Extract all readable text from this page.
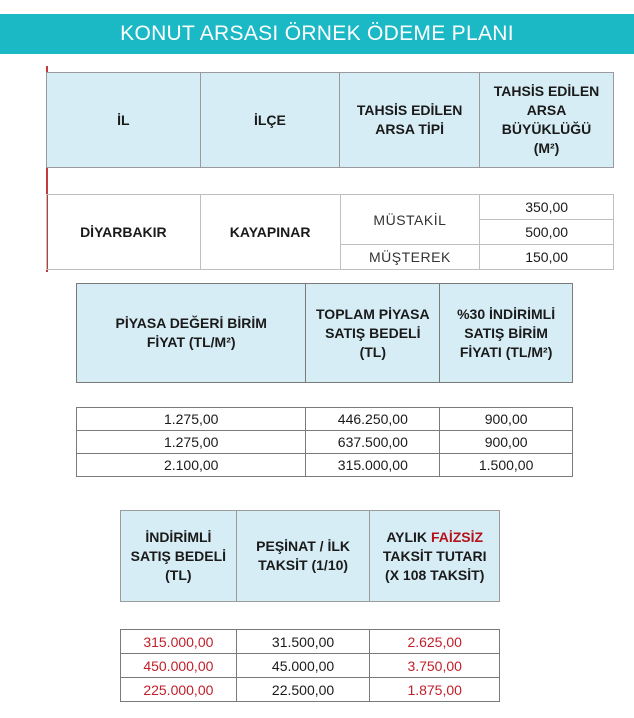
KONUT ARSASI ÖRNEK ÖDEME PLANI
İL	İLÇE	TAHSİS EDİLEN ARSA TİPİ	TAHSİS EDİLEN ARSA BÜYÜKLÜĞÜ (M²)
DİYARBAKIR	KAYAPINAR	MÜSTAKİL	350,00
			500,00
		MÜŞTEREK	150,00
PİYASA DEĞERİ BİRİM FİYAT (TL/M²)	TOPLAM PİYASA SATIŞ BEDELİ (TL)	%30 İNDİRİMLİ SATIŞ BİRİM FİYATI (TL/M²)
1.275,00	446.250,00	900,00
1.275,00	637.500,00	900,00
2.100,00	315.000,00	1.500,00
İNDİRİMLİ SATIŞ BEDELİ (TL)	PEŞİNAT / İLK TAKSİT (1/10)	AYLIK FAİZSİZ TAKSİT TUTARI (X 108 TAKSİT)
315.000,00	31.500,00	2.625,00
450.000,00	45.000,00	3.750,00
225.000,00	22.500,00	1.875,00
